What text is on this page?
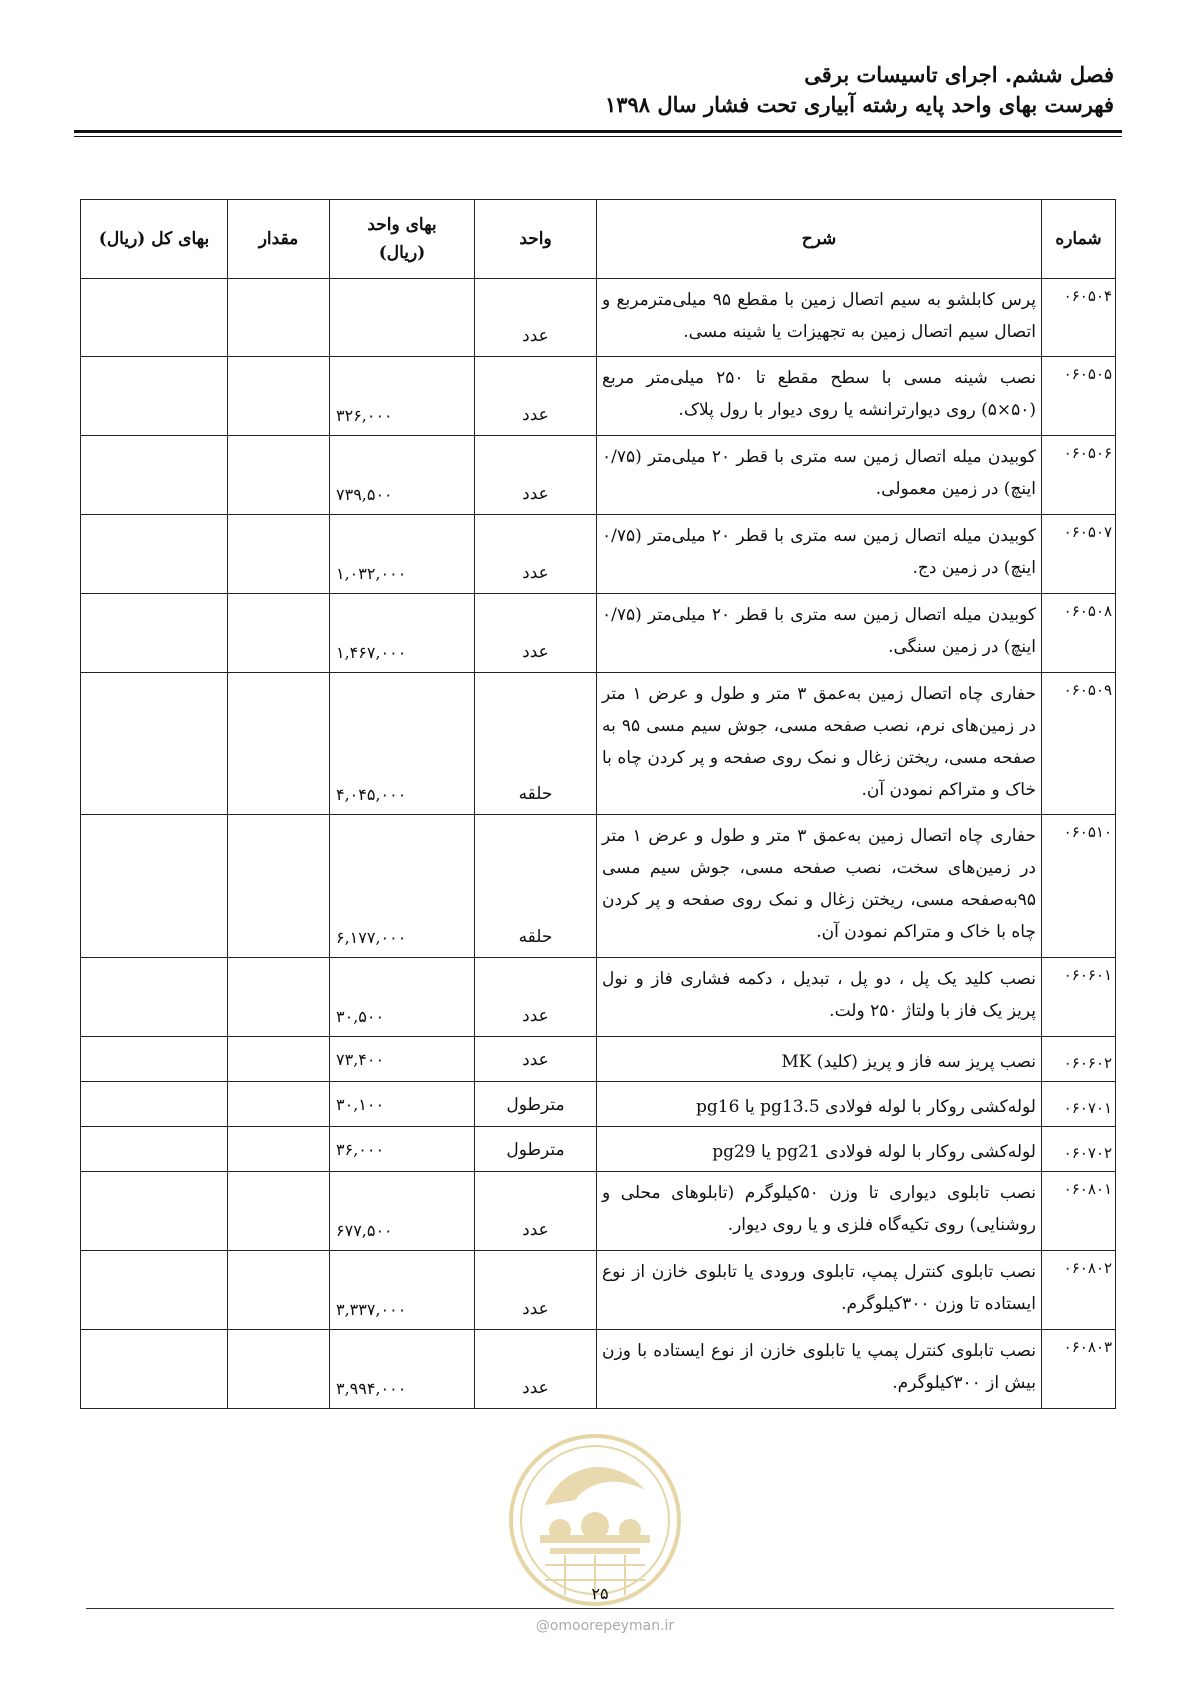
فصل ششم. اجرای تاسیسات برقی
فهرست بهای واحد پایه رشته آبیاری تحت فشار سال ۱۳۹۸
شماره	شرح	واحد	بهای واحد (ریال)	مقدار	بهای کل (ریال)
۰۶۰۵۰۴	پرس کابلشو به سیم اتصال زمین با مقطع ۹۵ میلی‌مترمربع و اتصال سیم اتصال زمین به تجهیزات یا شینه مسی.	عدد			
۰۶۰۵۰۵	نصب شینه مسی با سطح مقطع تا ۲۵۰ میلی‌متر مربع (۵۰×۵) روی دیوارترانشه یا روی دیوار با رول پلاک.	عدد	۳۲۶,۰۰۰		
۰۶۰۵۰۶	کوبیدن میله اتصال زمین سه متری با قطر ۲۰ میلی‌متر (۰/۷۵ اینچ) در زمین معمولی.	عدد	۷۳۹,۵۰۰		
۰۶۰۵۰۷	کوبیدن میله اتصال زمین سه متری با قطر ۲۰ میلی‌متر (۰/۷۵ اینچ) در زمین دج.	عدد	۱,۰۳۲,۰۰۰		
۰۶۰۵۰۸	کوبیدن میله اتصال زمین سه متری با قطر ۲۰ میلی‌متر (۰/۷۵ اینچ) در زمین سنگی.	عدد	۱,۴۶۷,۰۰۰		
۰۶۰۵۰۹	حفاری چاه اتصال زمین به‌عمق ۳ متر و طول و عرض ۱ متر در زمین‌های نرم، نصب صفحه مسی، جوش سیم مسی ۹۵ به صفحه مسی، ریختن زغال و نمک روی صفحه و پر کردن چاه با خاک و متراکم نمودن آن.	حلقه	۴,۰۴۵,۰۰۰		
۰۶۰۵۱۰	حفاری چاه اتصال زمین به‌عمق ۳ متر و طول و عرض ۱ متر در زمین‌های سخت، نصب صفحه مسی، جوش سیم مسی ۹۵به‌صفحه مسی، ریختن زغال و نمک روی صفحه و پر کردن چاه با خاک و متراکم نمودن آن.	حلقه	۶,۱۷۷,۰۰۰		
۰۶۰۶۰۱	نصب کلید یک پل ، دو پل ، تبدیل ، دکمه فشاری فاز و نول پریز یک فاز با ولتاژ ۲۵۰ ولت.	عدد	۳۰,۵۰۰		
۰۶۰۶۰۲	نصب پریز سه فاز و پریز (کلید) MK	عدد	۷۳,۴۰۰		
۰۶۰۷۰۱	لوله‌کشی روکار با لوله فولادی pg13.5 یا pg16	مترطول	۳۰,۱۰۰		
۰۶۰۷۰۲	لوله‌کشی روکار با لوله فولادی pg21 یا pg29	مترطول	۳۶,۰۰۰		
۰۶۰۸۰۱	نصب تابلوی دیواری تا وزن ۵۰کیلوگرم (تابلوهای محلی و روشنایی) روی تکیه‌گاه فلزی و یا روی دیوار.	عدد	۶۷۷,۵۰۰		
۰۶۰۸۰۲	نصب تابلوی کنترل پمپ، تابلوی ورودی یا تابلوی خازن از نوع ایستاده تا وزن ۳۰۰کیلوگرم.	عدد	۳,۳۳۷,۰۰۰		
۰۶۰۸۰۳	نصب تابلوی کنترل پمپ یا تابلوی خازن از نوع ایستاده با وزن بیش از ۳۰۰کیلوگرم.	عدد	۳,۹۹۴,۰۰۰		
۲۵
@omoorepeyman.ir
